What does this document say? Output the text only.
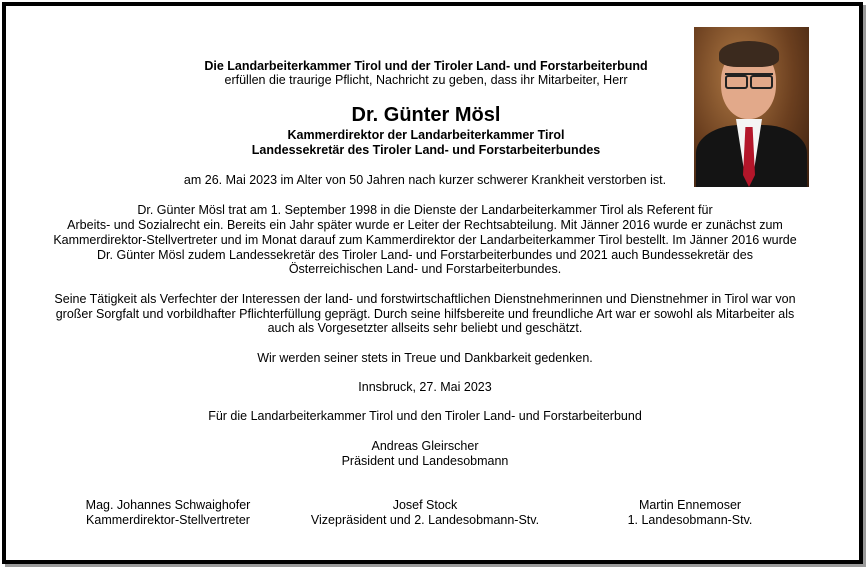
Die Landarbeiterkammer Tirol und der Tiroler Land- und Forstarbeiterbund
erfüllen die traurige Pflicht, Nachricht zu geben, dass ihr Mitarbeiter, Herr
Dr. Günter Mösl
Kammerdirektor der Landarbeiterkammer Tirol
Landessekretär des Tiroler Land- und Forstarbeiterbundes
am 26. Mai 2023 im Alter von 50 Jahren nach kurzer schwerer Krankheit verstorben ist.
Dr. Günter Mösl trat am 1. September 1998 in die Dienste der Landarbeiterkammer Tirol als Referent für
Arbeits- und Sozialrecht ein. Bereits ein Jahr später wurde er Leiter der Rechtsabteilung. Mit Jänner 2016 wurde er zunächst zum
Kammerdirektor-Stellvertreter und im Monat darauf zum Kammerdirektor der Landarbeiterkammer Tirol bestellt. Im Jänner 2016 wurde
Dr. Günter Mösl zudem Landessekretär des Tiroler Land- und Forstarbeiterbundes und 2021 auch Bundessekretär des
Österreichischen Land- und Forstarbeiterbundes.
Seine Tätigkeit als Verfechter der Interessen der land- und forstwirtschaftlichen Dienstnehmerinnen und Dienstnehmer in Tirol war von
großer Sorgfalt und vorbildhafter Pflichterfüllung geprägt. Durch seine hilfsbereite und freundliche Art war er sowohl als Mitarbeiter als
auch als Vorgesetzter allseits sehr beliebt und geschätzt.
Wir werden seiner stets in Treue und Dankbarkeit gedenken.
Innsbruck, 27. Mai 2023
Für die Landarbeiterkammer Tirol und den Tiroler Land- und Forstarbeiterbund
Andreas Gleirscher
Präsident und Landesobmann
Mag. Johannes Schwaighofer
Kammerdirektor-Stellvertreter
Josef Stock
Vizepräsident und 2. Landesobmann-Stv.
Martin Ennemoser
1. Landesobmann-Stv.
